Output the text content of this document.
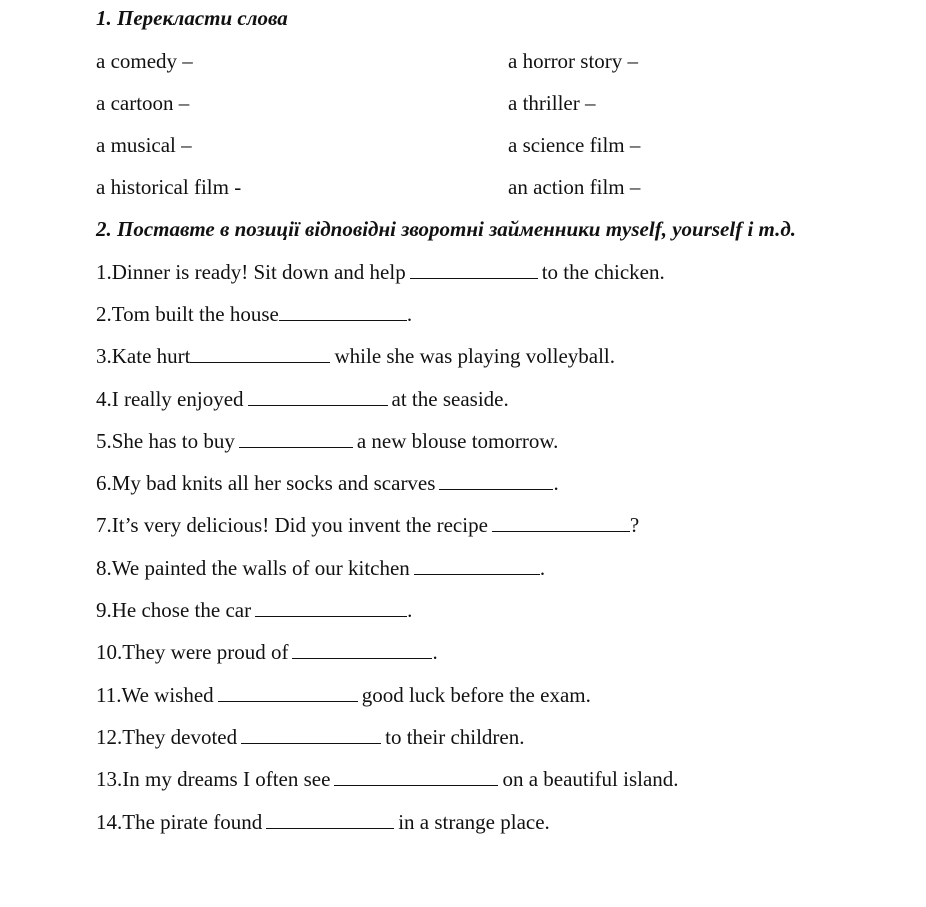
1. Перекласти слова
a comedy –	a horror story –
a cartoon –	a thriller –
a musical –	a science film –
a historical film -	an action film –
2. Поставте в позиції відповідні зворотні займенники myself, yourself і т.д.
1.Dinner is ready! Sit down and help	to the chicken.
2.Tom built the house	.
3.Kate hurt	while she was playing volleyball.
4.I really enjoyed	at the seaside.
5.She has to buy	a new blouse tomorrow.
6.My bad knits all her socks and scarves	.
7.It’s very delicious! Did you invent the recipe	?
8.We painted the walls of our kitchen	.
9.He chose the car	.
10.They were proud of	.
11.We wished	good luck before the exam.
12.They devoted	to their children.
13.In my dreams I often see	on a beautiful island.
14.The pirate found	in a strange place.
